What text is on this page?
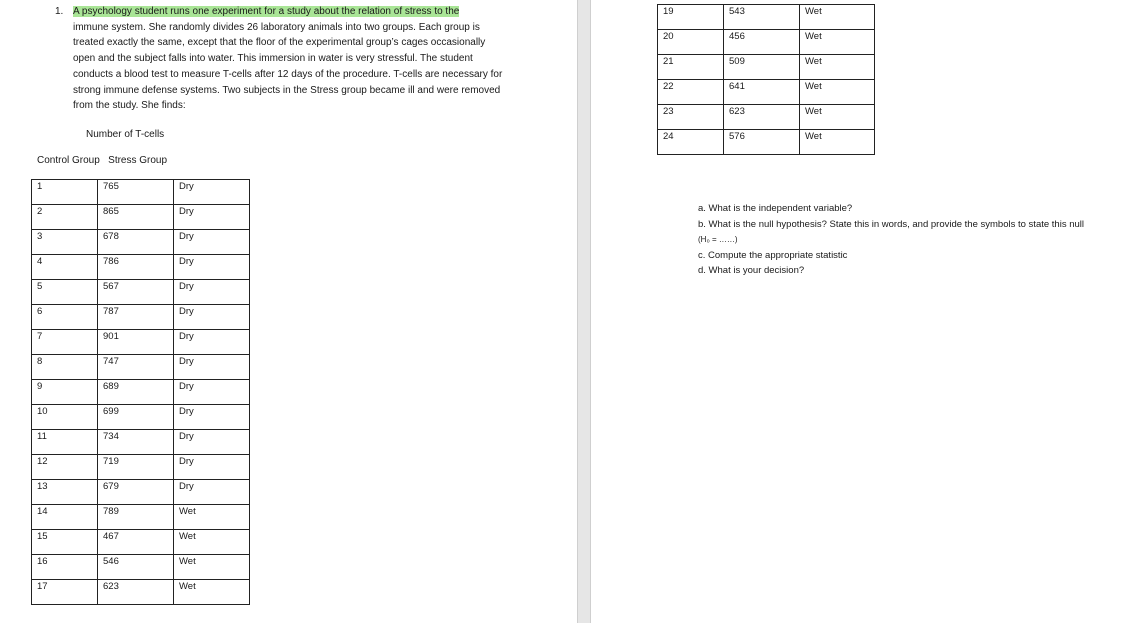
1. A psychology student runs one experiment for a study about the relation of stress to the
immune system. She randomly divides 26 laboratory animals into two groups. Each group is
treated exactly the same, except that the floor of the experimental group’s cages occasionally
open and the subject falls into water. This immersion in water is very stressful. The student
conducts a blood test to measure T-cells after 12 days of the procedure. T-cells are necessary for
strong immune defense systems. Two subjects in the Stress group became ill and were removed
from the study. She finds:
Number of T-cells
Control Group   Stress Group
1	765	Dry
2	865	Dry
3	678	Dry
4	786	Dry
5	567	Dry
6	787	Dry
7	901	Dry
8	747	Dry
9	689	Dry
10	699	Dry
11	734	Dry
12	719	Dry
13	679	Dry
14	789	Wet
15	467	Wet
16	546	Wet
17	623	Wet
19	543	Wet
20	456	Wet
21	509	Wet
22	641	Wet
23	623	Wet
24	576	Wet
a. What is the independent variable?
b. What is the null hypothesis? State this in words, and provide the symbols to state this null
(H₀ = ……)
c. Compute the appropriate statistic
d. What is your decision?
